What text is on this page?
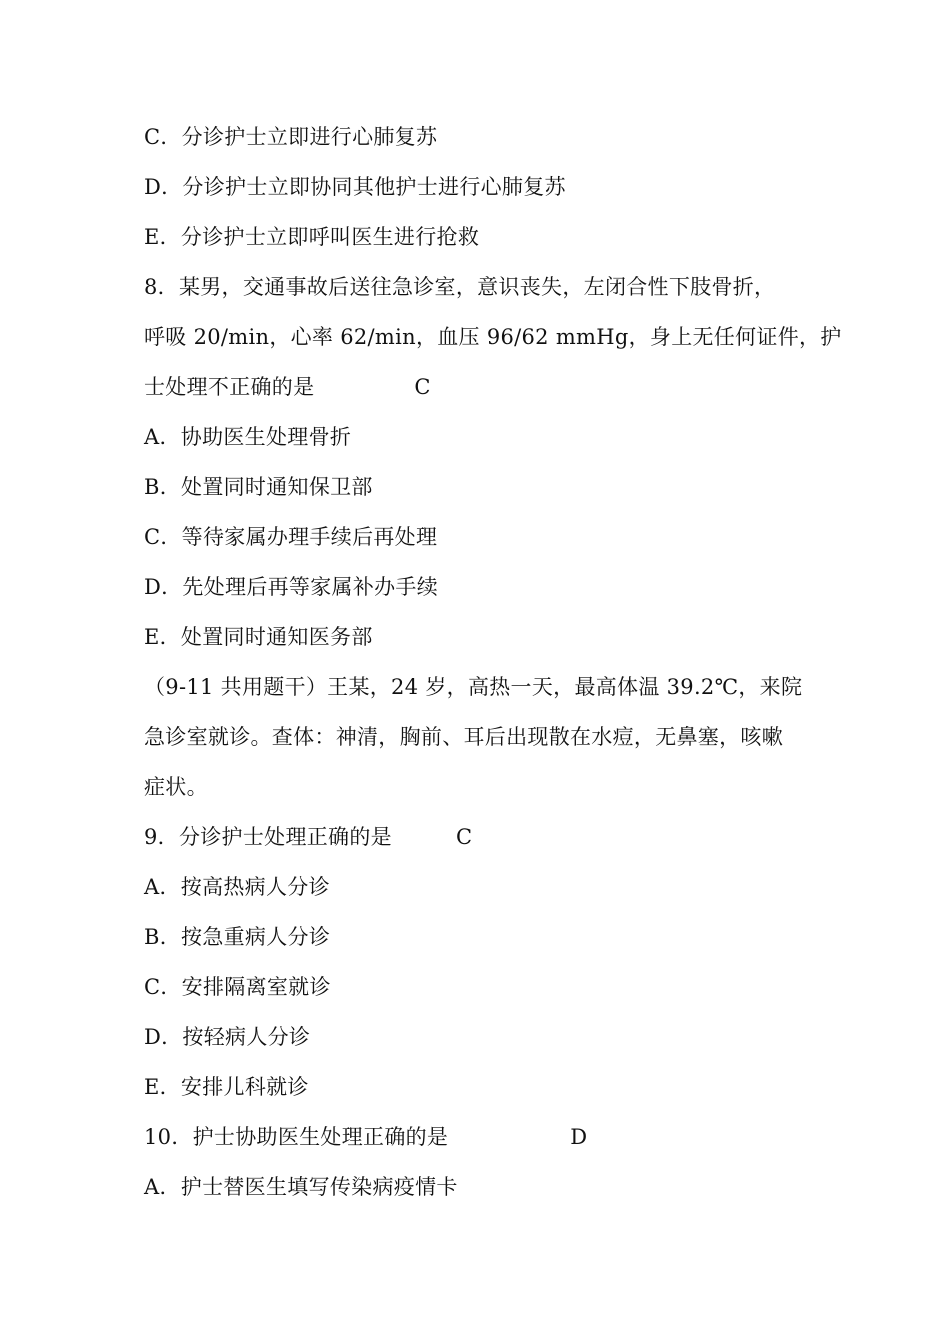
C．分诊护士立即进行心肺复苏
D．分诊护士立即协同其他护士进行心肺复苏
E．分诊护士立即呼叫医生进行抢救
8．某男，交通事故后送往急诊室，意识丧失，左闭合性下肢骨折，
呼吸 20/min，心率 62/min，血压 96/62 mmHg，身上无任何证件，护
士处理不正确的是	C
A．协助医生处理骨折
B．处置同时通知保卫部
C．等待家属办理手续后再处理
D．先处理后再等家属补办手续
E．处置同时通知医务部
（9-11 共用题干）王某，24 岁，高热一天，最高体温 39.2℃，来院
急诊室就诊。查体：神清，胸前、耳后出现散在水痘，无鼻塞，咳嗽
症状。
9．分诊护士处理正确的是	C
A．按高热病人分诊
B．按急重病人分诊
C．安排隔离室就诊
D．按轻病人分诊
E．安排儿科就诊
10．护士协助医生处理正确的是	D
A．护士替医生填写传染病疫情卡
